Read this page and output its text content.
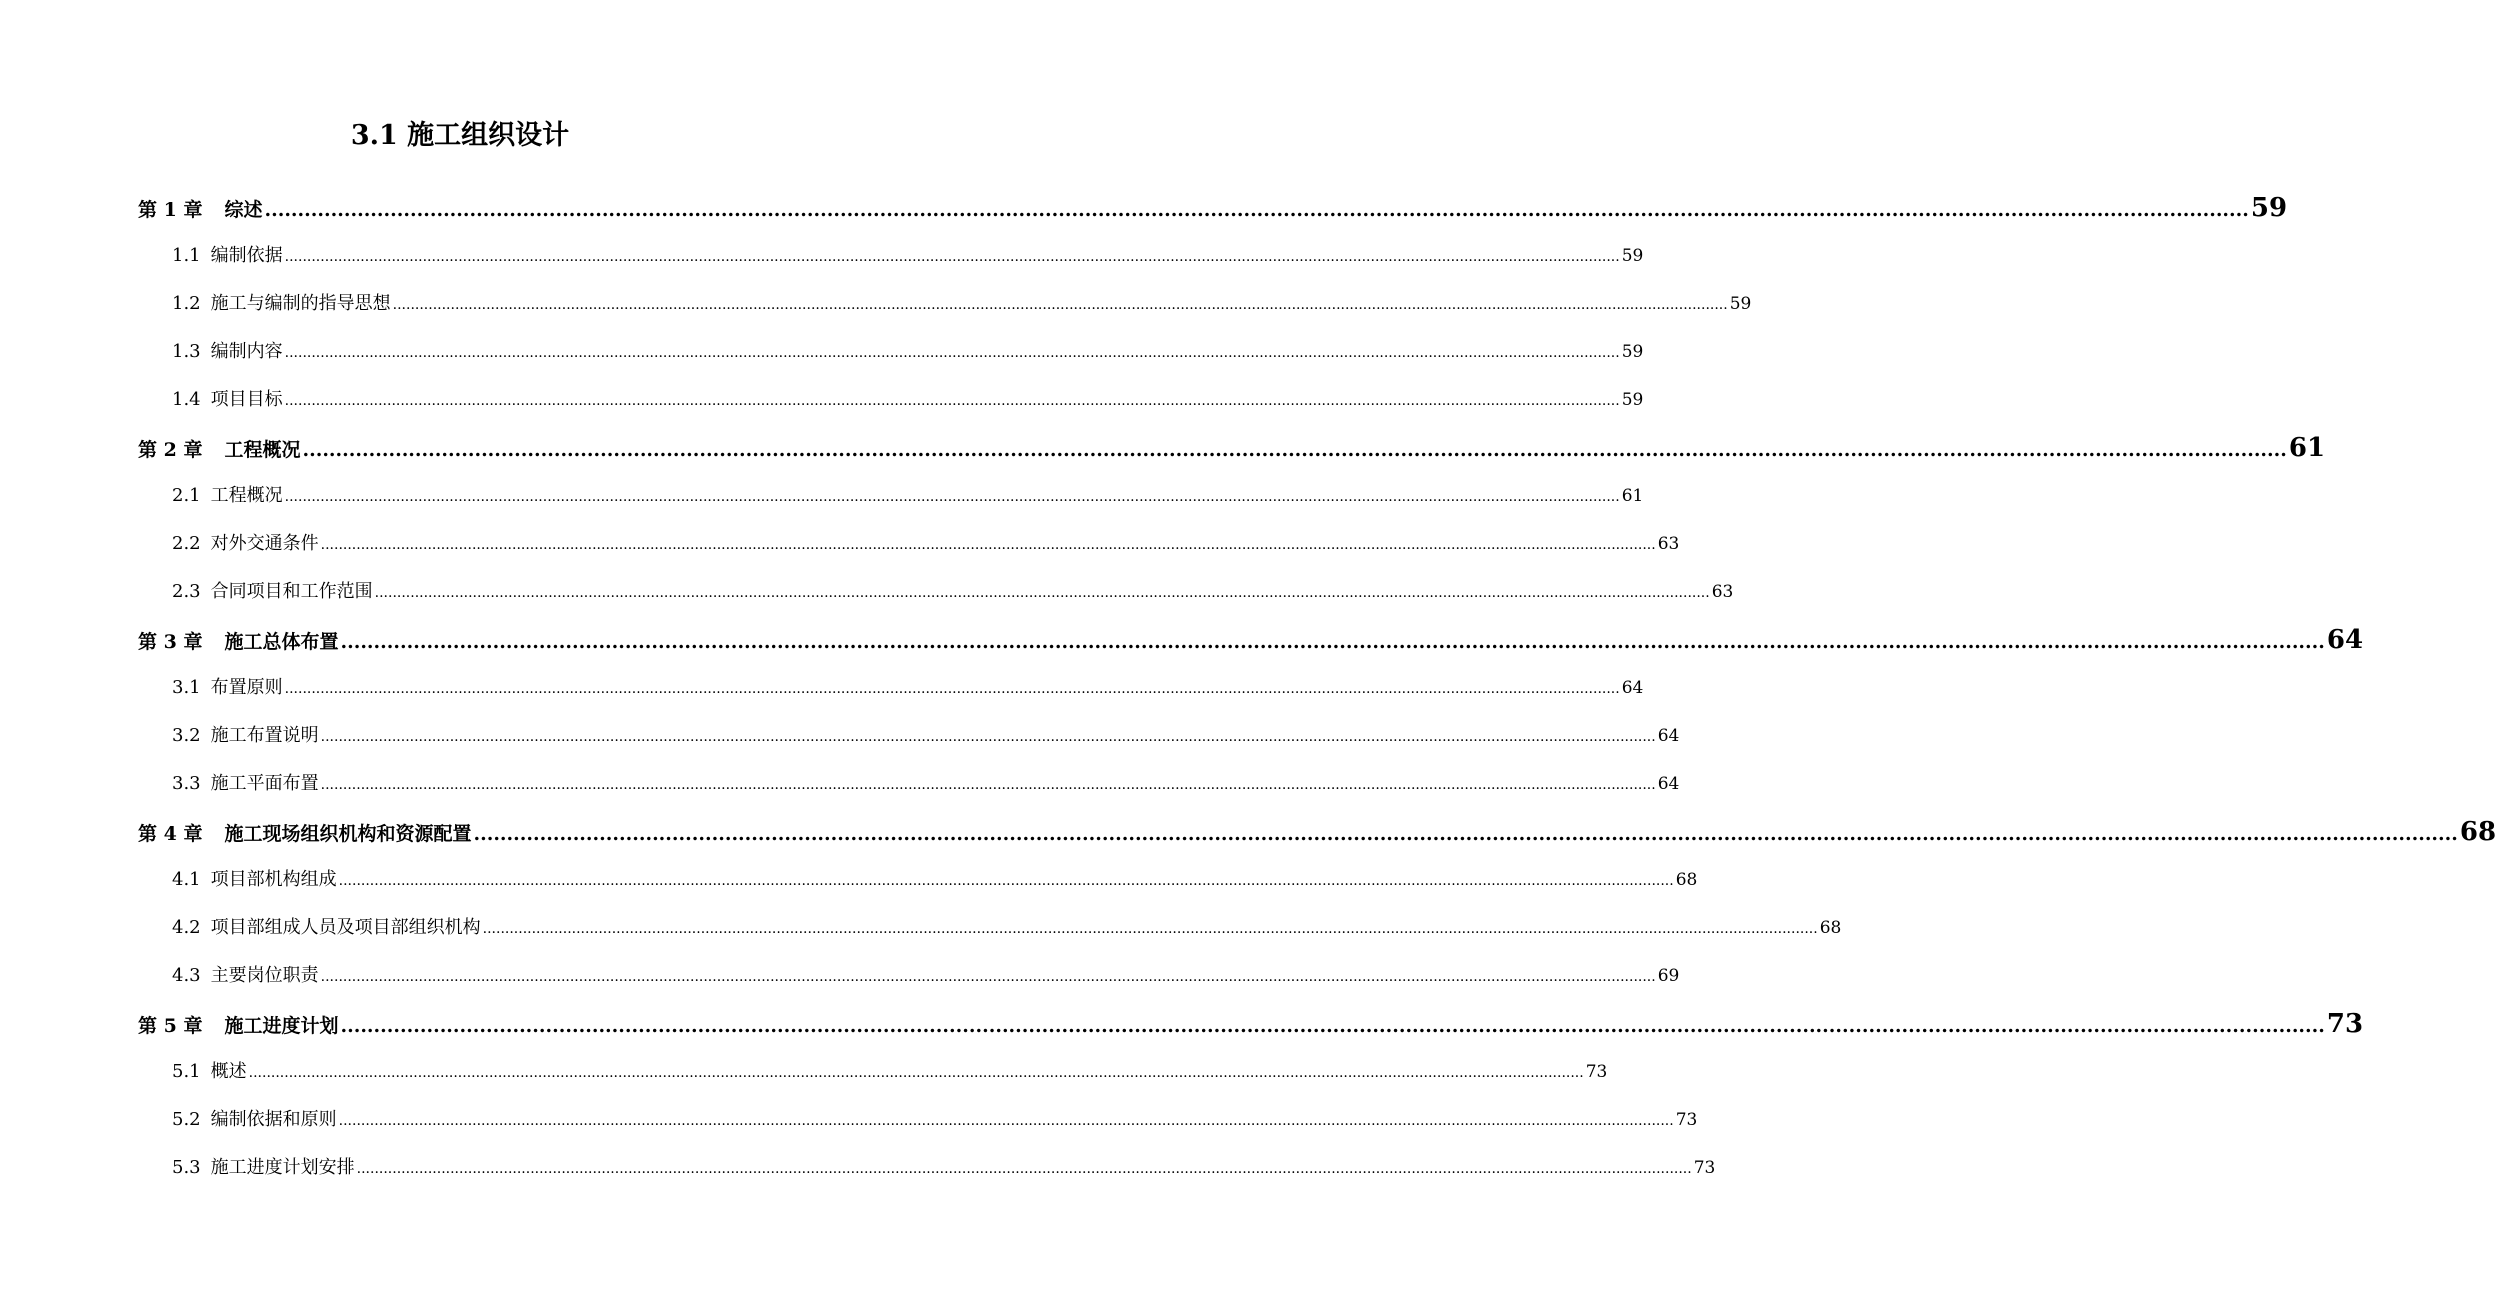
3.1 施工组织设计
第 1 章 综述 ............................................................................................................................................................................................................................................................................................................ 59
1.1 编制依据 ............................................................................................................................................................................................................................................................................................................ 59
1.2 施工与编制的指导思想 ............................................................................................................................................................................................................................................................................................................ 59
1.3 编制内容 ............................................................................................................................................................................................................................................................................................................ 59
1.4 项目目标 ............................................................................................................................................................................................................................................................................................................ 59
第 2 章 工程概况 ............................................................................................................................................................................................................................................................................................................ 61
2.1 工程概况 ............................................................................................................................................................................................................................................................................................................ 61
2.2 对外交通条件 ............................................................................................................................................................................................................................................................................................................ 63
2.3 合同项目和工作范围 ............................................................................................................................................................................................................................................................................................................ 63
第 3 章 施工总体布置 ............................................................................................................................................................................................................................................................................................................ 64
3.1 布置原则 ............................................................................................................................................................................................................................................................................................................ 64
3.2 施工布置说明 ............................................................................................................................................................................................................................................................................................................ 64
3.3 施工平面布置 ............................................................................................................................................................................................................................................................................................................ 64
第 4 章 施工现场组织机构和资源配置 ............................................................................................................................................................................................................................................................................................................ 68
4.1 项目部机构组成 ............................................................................................................................................................................................................................................................................................................ 68
4.2 项目部组成人员及项目部组织机构 ............................................................................................................................................................................................................................................................................................................ 68
4.3 主要岗位职责 ............................................................................................................................................................................................................................................................................................................ 69
第 5 章 施工进度计划 ............................................................................................................................................................................................................................................................................................................ 73
5.1 概述 ............................................................................................................................................................................................................................................................................................................ 73
5.2 编制依据和原则 ............................................................................................................................................................................................................................................................................................................ 73
5.3 施工进度计划安排 ............................................................................................................................................................................................................................................................................................................ 73
